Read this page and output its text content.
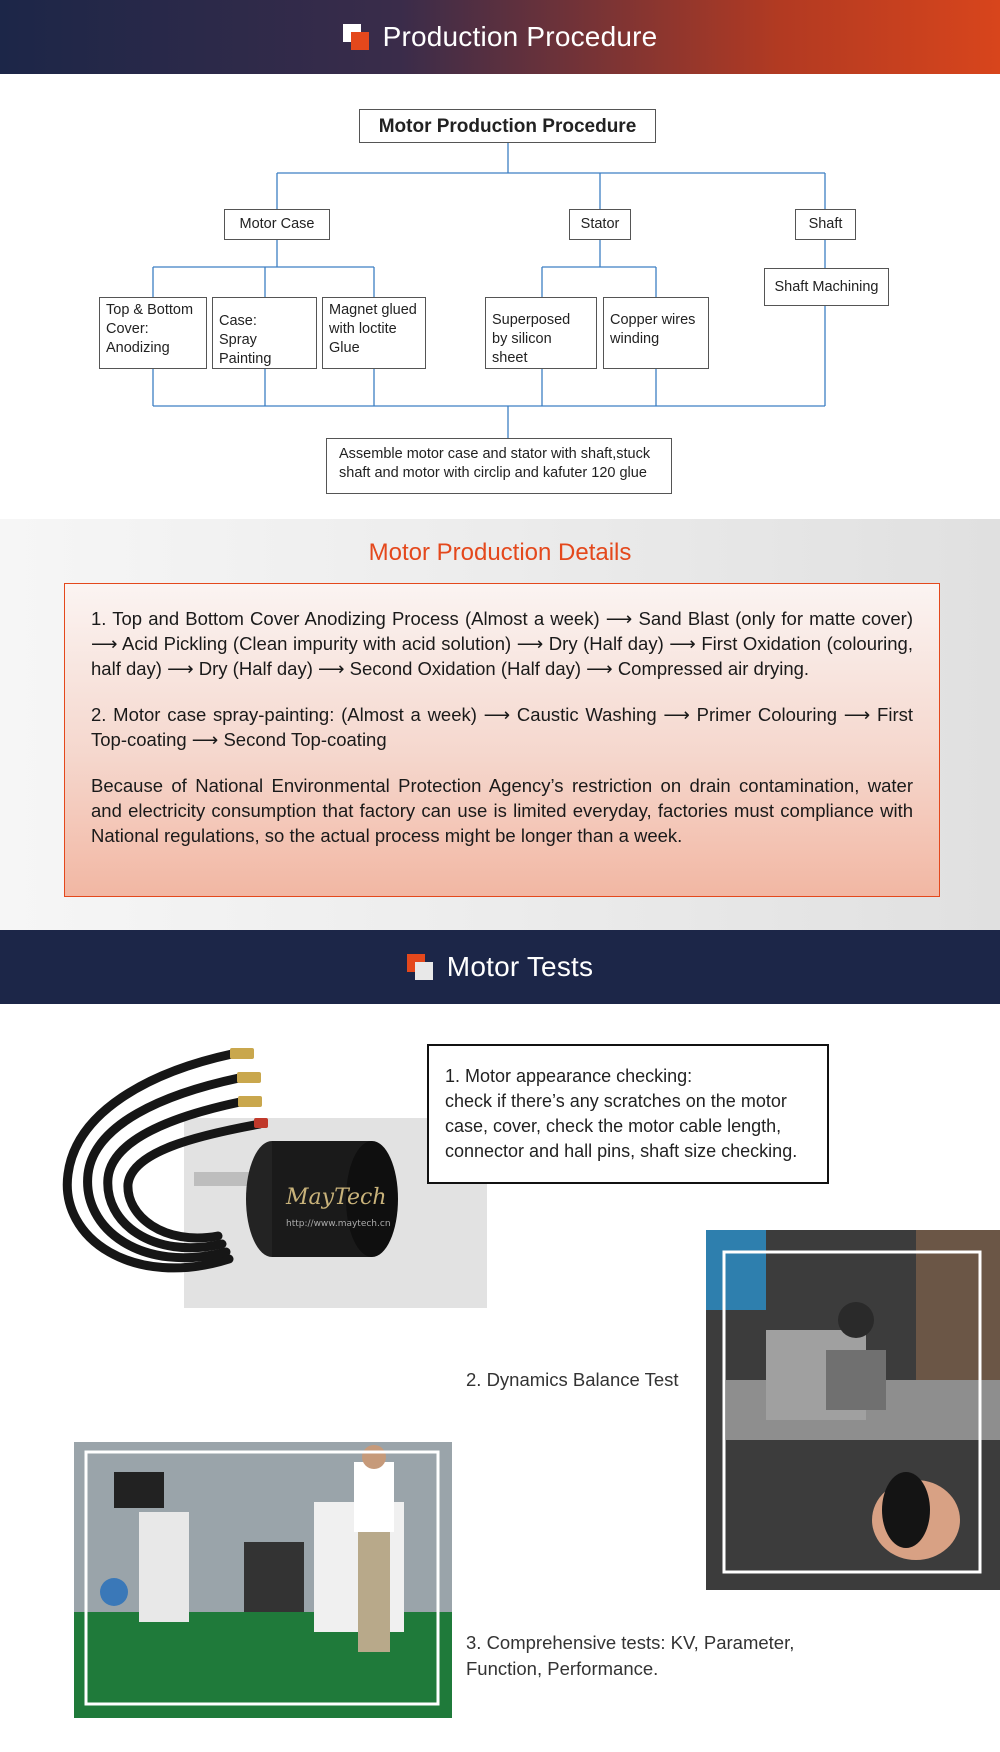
Production Procedure
Motor Production Procedure
Motor Case	Stator	Shaft
Top & Bottom
Cover:
Anodizing
Case:
Spray Painting
Magnet glued
with loctite
Glue
Superposed
by silicon sheet
Copper wires
winding
Shaft Machining
Assemble motor case and stator with shaft,stuck
shaft and motor with circlip and kafuter 120 glue
Motor Production Details

1. Top and Bottom Cover Anodizing Process (Almost a week) ⟶ Sand Blast (only for matte cover) ⟶ Acid Pickling (Clean impurity with acid solution) ⟶ Dry (Half day) ⟶ First Oxidation (colouring, half day) ⟶ Dry (Half day) ⟶ Second Oxidation (Half day) ⟶ Compressed air drying.

2. Motor case spray-painting: (Almost a week) ⟶ Caustic Washing ⟶ Primer Colouring ⟶ First Top-coating ⟶ Second Top-coating

Because of National Environmental Protection Agency’s restriction on drain contamination, water and electricity consumption that factory can use is limited everyday, factories must compliance with National regulations, so the actual process might be longer than a week.

Motor Tests
MayTech
http://www.maytech.cn
1. Motor appearance checking:
check if there’s any scratches on the motor case, cover, check the motor cable length, connector and hall pins, shaft size checking.
2. Dynamics Balance Test
3. Comprehensive tests: KV, Parameter,
Function, Performance.
